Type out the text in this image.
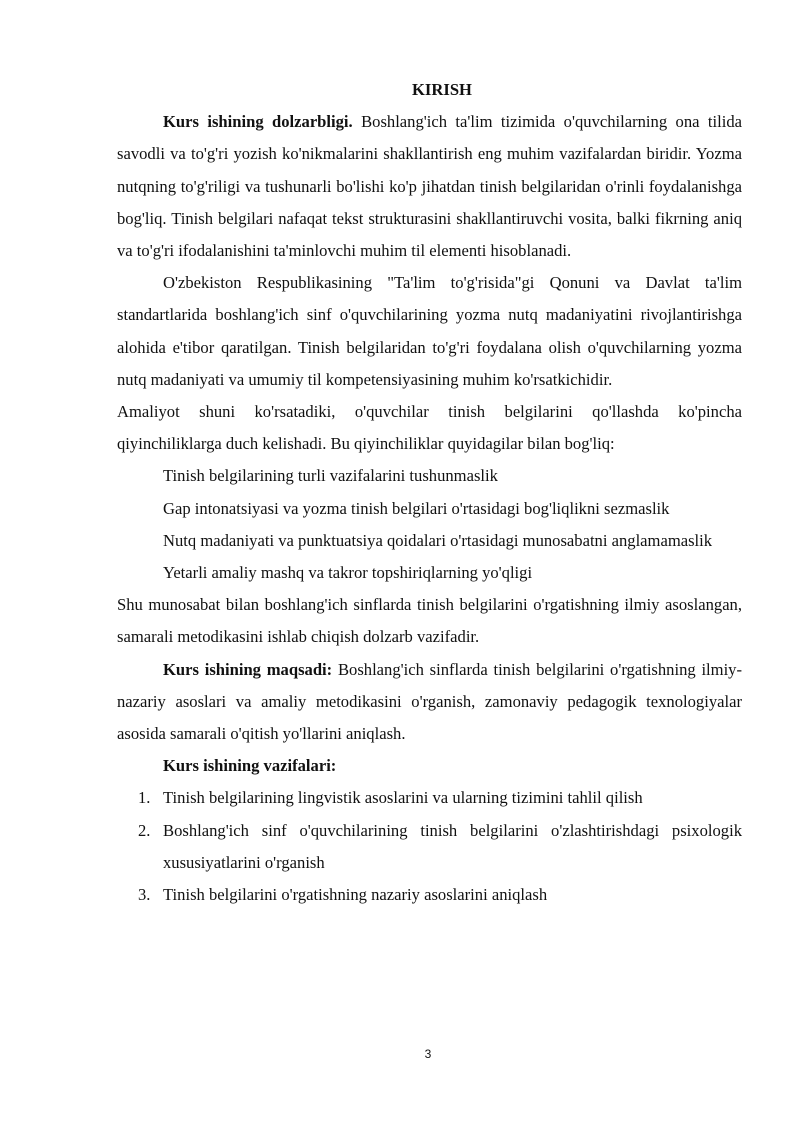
KIRISH

Kurs ishining dolzarbligi. Boshlang'ich ta'lim tizimida o'quvchilarning ona tilida savodli va to'g'ri yozish ko'nikmalarini shakllantirish eng muhim vazifalardan biridir. Yozma nutqning to'g'riligi va tushunarli bo'lishi ko'p jihatdan tinish belgilaridan o'rinli foydalanishga bog'liq. Tinish belgilari nafaqat tekst strukturasini shakllantiruvchi vosita, balki fikrning aniq va to'g'ri ifodalanishini ta'minlovchi muhim til elementi hisoblanadi.

O'zbekiston Respublikasining "Ta'lim to'g'risida"gi Qonuni va Davlat ta'lim standartlarida boshlang'ich sinf o'quvchilarining yozma nutq madaniyatini rivojlantirishga alohida e'tibor qaratilgan. Tinish belgilaridan to'g'ri foydalana olish o'quvchilarning yozma nutq madaniyati va umumiy til kompetensiyasining muhim ko'rsatkichidir.

Amaliyot shuni ko'rsatadiki, o'quvchilar tinish belgilarini qo'llashda ko'pincha qiyinchiliklarga duch kelishadi. Bu qiyinchiliklar quyidagilar bilan bog'liq:

Tinish belgilarining turli vazifalarini tushunmaslik

Gap intonatsiyasi va yozma tinish belgilari o'rtasidagi bog'liqlikni sezmaslik

Nutq madaniyati va punktuatsiya qoidalari o'rtasidagi munosabatni anglamamaslik

Yetarli amaliy mashq va takror topshiriqlarning yo'qligi

Shu munosabat bilan boshlang'ich sinflarda tinish belgilarini o'rgatishning ilmiy asoslangan, samarali metodikasini ishlab chiqish dolzarb vazifadir.

Kurs ishining maqsadi: Boshlang'ich sinflarda tinish belgilarini o'rgatishning ilmiy-nazariy asoslari va amaliy metodikasini o'rganish, zamonaviy pedagogik texnologiyalar asosida samarali o'qitish yo'llarini aniqlash.

Kurs ishining vazifalari:

1. Tinish belgilarining lingvistik asoslarini va ularning tizimini tahlil qilish
2. Boshlang'ich sinf o'quvchilarining tinish belgilarini o'zlashtirishdagi psixologik xususiyatlarini o'rganish
3. Tinish belgilarini o'rgatishning nazariy asoslarini aniqlash
3
